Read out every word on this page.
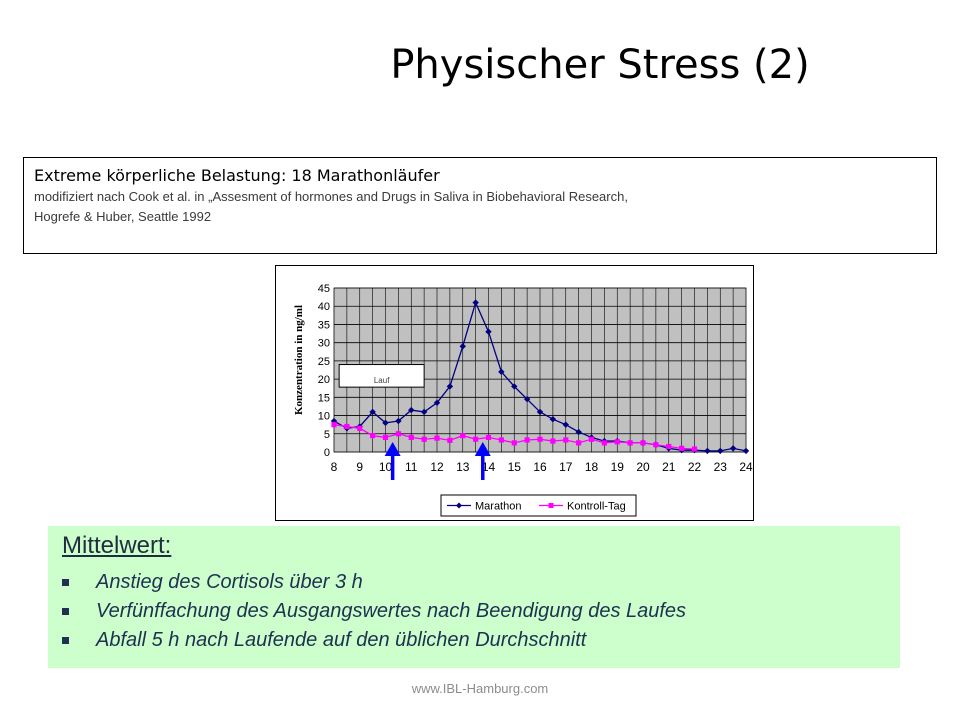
Physischer Stress (2)
Extreme körperliche Belastung: 18 Marathonläufer
modifiziert nach Cook et al. in „Assesment of hormones and Drugs in Saliva in Biobehavioral Research,
Hogrefe & Huber, Seattle 1992
0
5
10
15
20
25
30
35
40
45
8 9 10 11 12 13 14 15 16 17 18 19 20 21 22 23 24
Konzentration in ng/ml	Lauf
Marathon	Kontroll-Tag
Mittelwert:
Anstieg des Cortisols über 3 h
Verfünffachung des Ausgangswertes nach Beendigung des Laufes
Abfall 5 h nach Laufende auf den üblichen Durchschnitt
www.IBL-Hamburg.com
